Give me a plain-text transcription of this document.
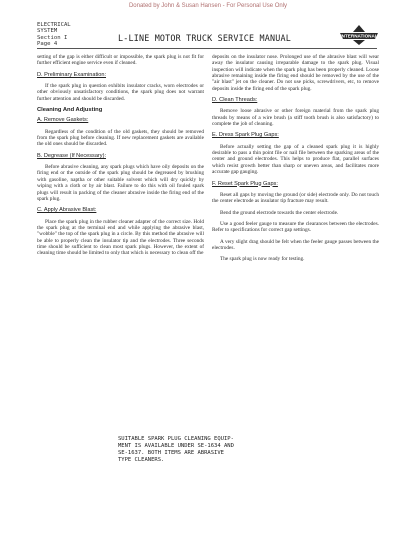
Donated by John & Susan Hansen - For Personal Use Only
ELECTRICAL
SYSTEM
Section I
Page 4
L-LINE MOTOR TRUCK SERVICE MANUAL	INTERNATIONAL

setting of the gap is either difficult or impossible, the spark plug is not fit for further efficient engine service even if cleaned.

D. Preliminary Examination:

If the spark plug in question exhibits insulator cracks, worn electrodes or other obviously unsatisfactory conditions, the spark plug does not warrant further attention and should be discarded.

Cleaning And Adjusting
A. Remove Gaskets:

Regardless of the condition of the old gaskets, they should be removed from the spark plug before cleaning. If new replacement gaskets are available the old ones should be discarded.

B. Degrease (If Necessary):

Before abrasive cleaning, any spark plugs which have oily deposits on the firing end or the outside of the spark plug should be degreased by brushing with gasoline, naptha or other suitable solvent which will dry quickly by wiping with a cloth or by air blast. Failure to do this with oil fouled spark plugs will result in packing of the cleaner abrasive inside the firing end of the spark plug.

C. Apply Abrasive Blast:

Place the spark plug in the rubber cleaner adapter of the correct size. Hold the spark plug at the terminal end and while applying the abrasive blast, "wobble" the top of the spark plug in a circle. By this method the abrasive will be able to properly clean the insulator tip and the electrodes. Three seconds time should be sufficient to clean most spark plugs. However, the extent of cleaning time should be limited to only that which is necessary to clean off the

deposits on the insulator nose. Prolonged use of the abrasive blast will wear away the insulator causing irreparable damage to the spark plug. Visual inspection will indicate when the spark plug has been properly cleaned. Loose abrasive remaining inside the firing end should be removed by the use of the "air blast" jet on the cleaner. Do not use picks, screwdrivers, etc, to remove deposits inside the firing end of the spark plug.

D. Clean Threads:

Remove loose abrasive or other foreign material from the spark plug threads by means of a wire brush (a stiff tooth brush is also satisfactory) to complete the job of cleaning.

E. Dress Spark Plug Gaps:

Before actually setting the gap of a cleaned spark plug it is highly desirable to pass a thin point file or nail file between the sparking areas of the center and ground electrodes. This helps to produce flat, parallel surfaces which resist growth better than sharp or uneven areas, and facilitates more accurate gap gauging.

F. Reset Spark Plug Gaps:

Reset all gaps by moving the ground (or side) electrode only. Do not touch the center electrode as insulator tip fracture may result.

Bend the ground electrode towards the center electrode.

Use a good feeler gauge to measure the clearances between the electrodes. Refer to specifications for correct gap settings.

A very slight drag should be felt when the feeler gauge passes between the electrodes.

The spark plug is now ready for testing.

SUITABLE SPARK PLUG CLEANING EQUIP-
MENT IS AVAILABLE UNDER SE-1634 AND
SE-1637. BOTH ITEMS ARE ABRASIVE
TYPE CLEANERS.
